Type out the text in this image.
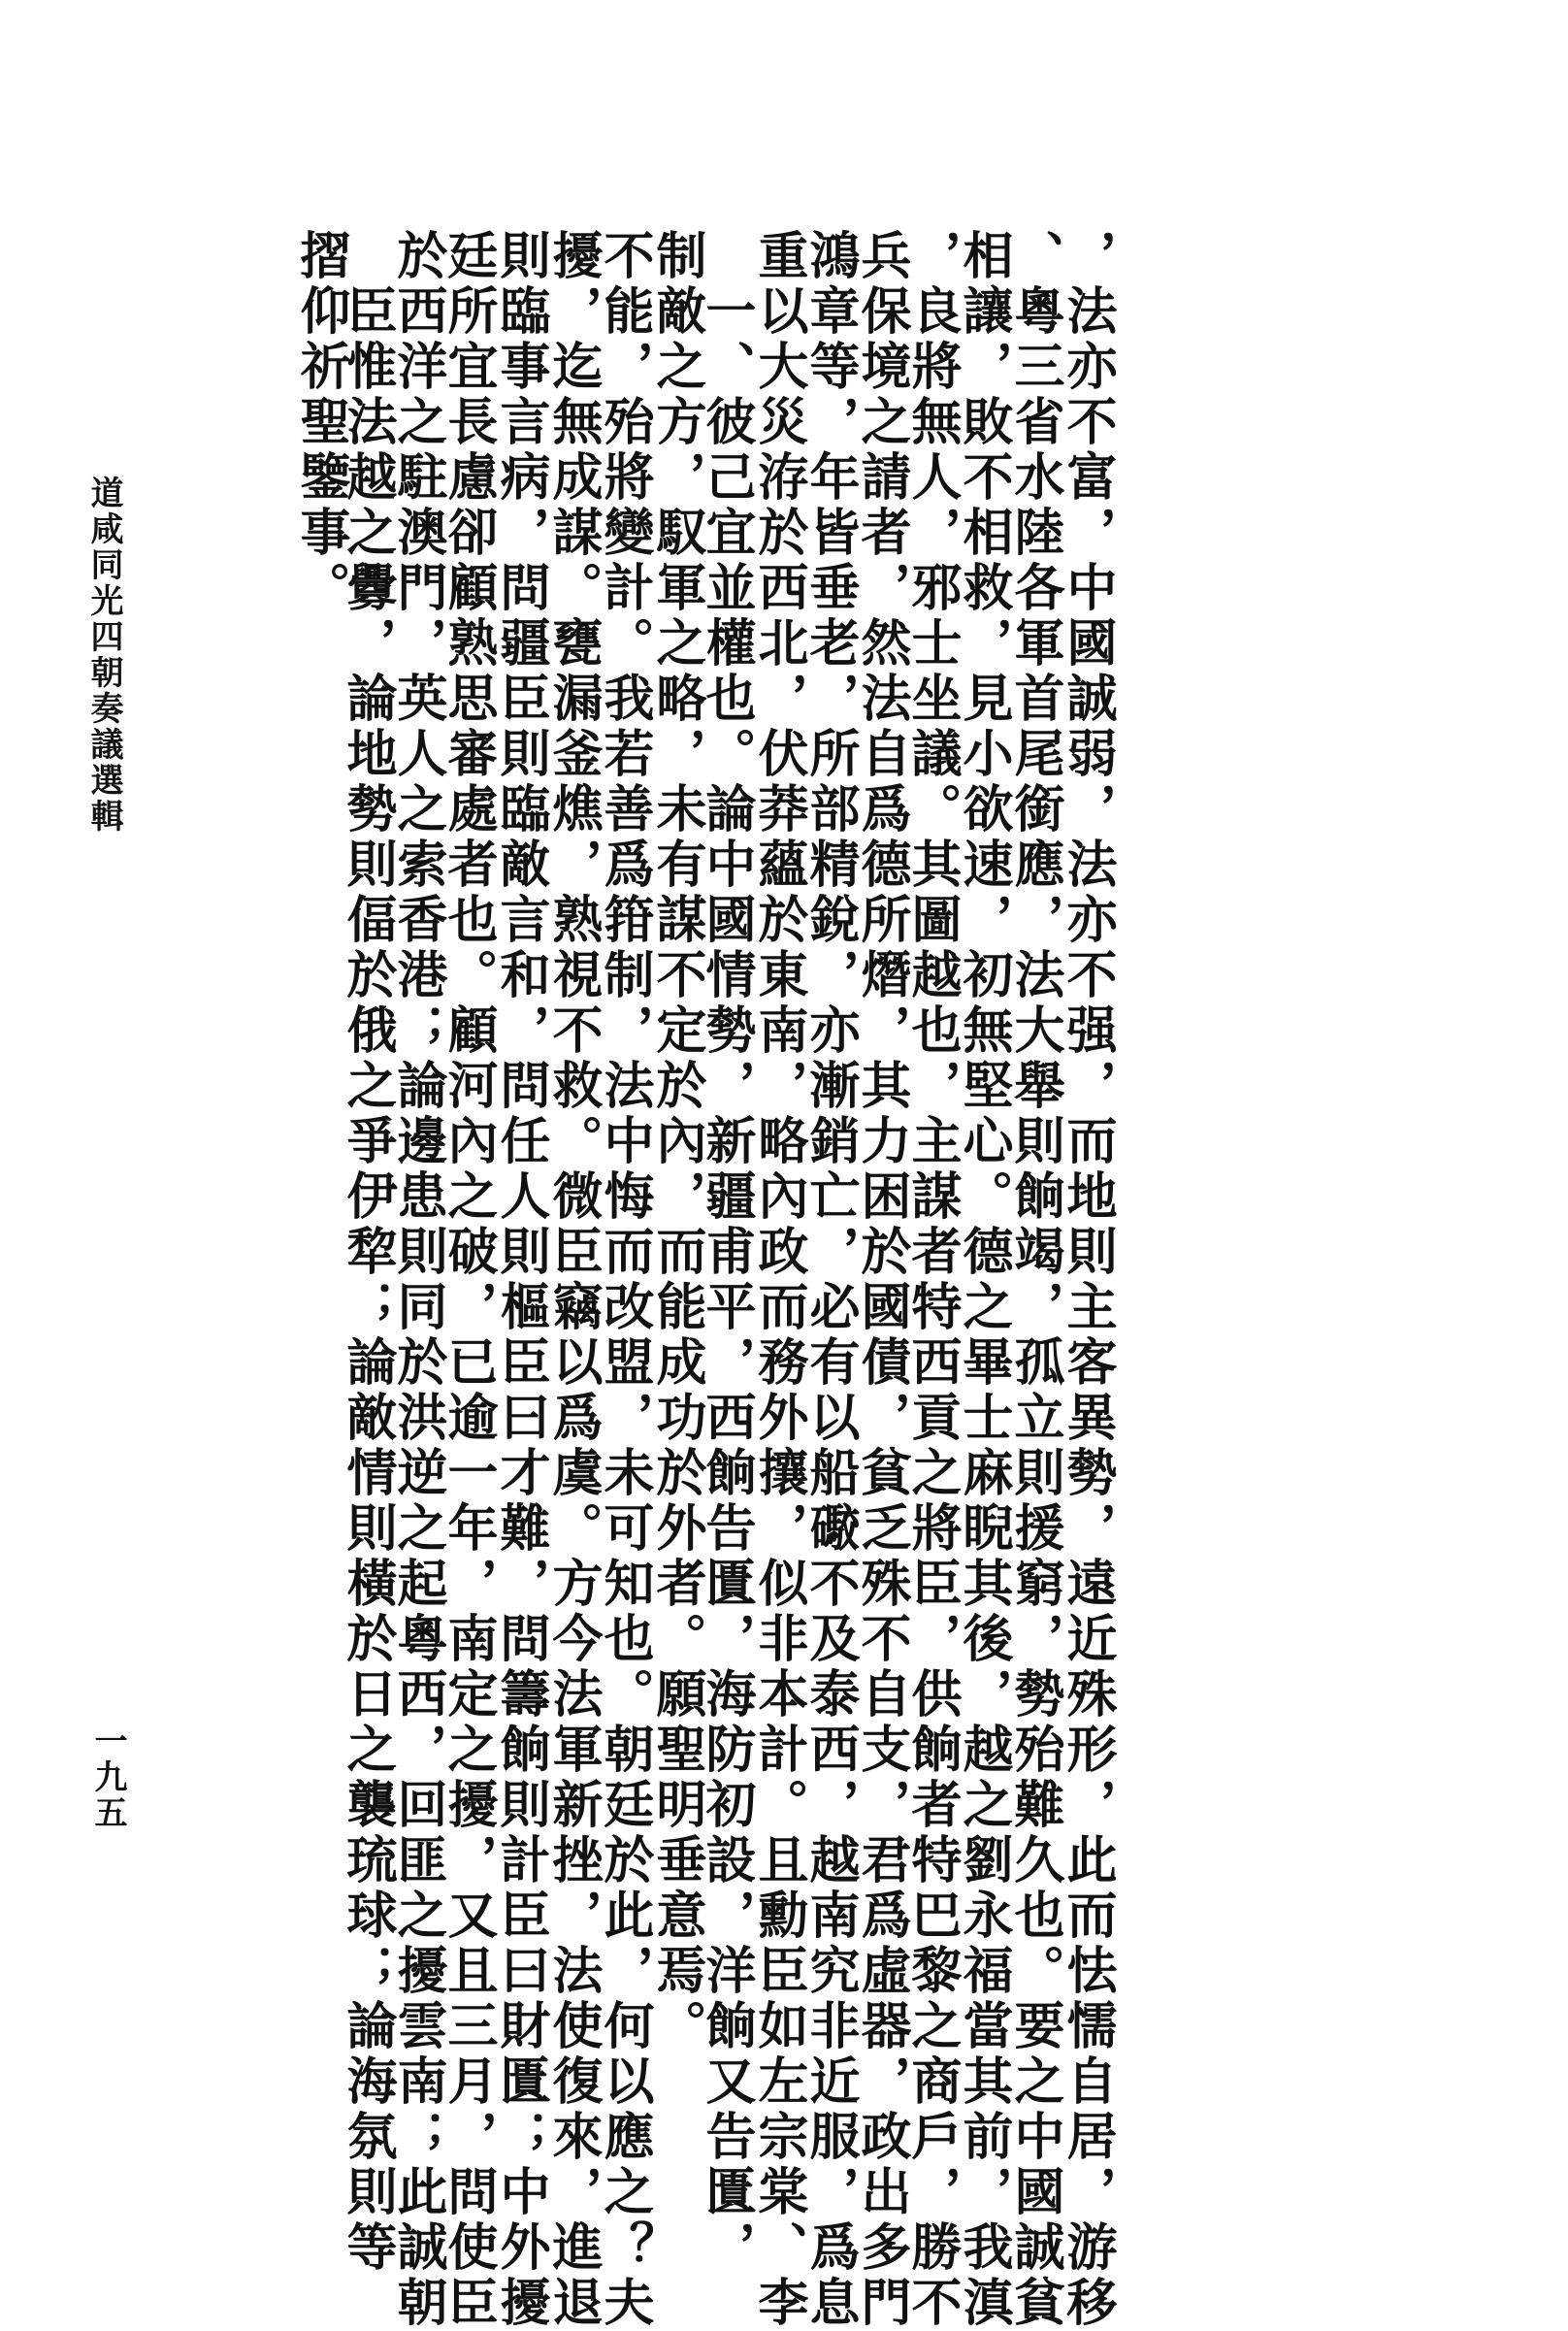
摺仰祈聖鑒事。
　臣惟法越之釁，論地勢則偪於俄之爭伊犂；論敵情則橫於日之襲琉球；論海氛則等
於西洋之駐澳門，英人之索香港；論邊患則同於洪逆之起粵西，回匪之擾雲南；此誠朝
廷所宜長慮卻顧熟思審處者也。顧河內之破，已逾一年，南定之擾，又且三月，問使臣
則臨事言病，問疆臣則臨敵言和，問任人則樞臣曰才難，問籌餉則計臣曰財匱；中外擾
擾，迄無成謀。甕漏釜燋，熟視不救。微臣竊以爲虞。方今法軍新挫，法使復來，進退
不能，殆將變計。我若善爲箝制，法中悔而改盟，未可知也。朝廷於此，何以應之？夫
制敵之方，馭軍之略，未有謀不定於內，而能成功於外者。願聖明垂意焉。
　一、彼己宜並權也。論中國情勢，新疆甫平，西餉告匱，海防初設，洋餉又告匱，
重以大災洊於西北，伏莽蘊於東南，略內政而務外攘，似非本計。且勳臣如左宗棠、李
鴻章等，年皆垂老，所部精銳，亦漸銷亡，必有以船礮不及泰西，越南究非近服，爲息
兵保境之請者，然法自爲德所熸，其力困於國債，貧乏殊不自支，君爲虛器，政出多門
，良將無人，邪士坐議。其圖越也，主謀者特西貢之將臣，供餉者特巴黎之商戶，勝不
相讓，敗不相救，見小欲速，初無堅心。德之畢士麻睨其後，越之劉永福當其前，我滇
、粵三省水陸各軍首尾銜應，法大舉則餉竭，孤立則援窮，勢殆難久也。要之中國誠貧
，法亦不富，中國誠弱，法亦不强，而地則主客異勢，遠近殊形，此而怯懦自居，游移
道咸同光四朝奏議選輯
一九五
